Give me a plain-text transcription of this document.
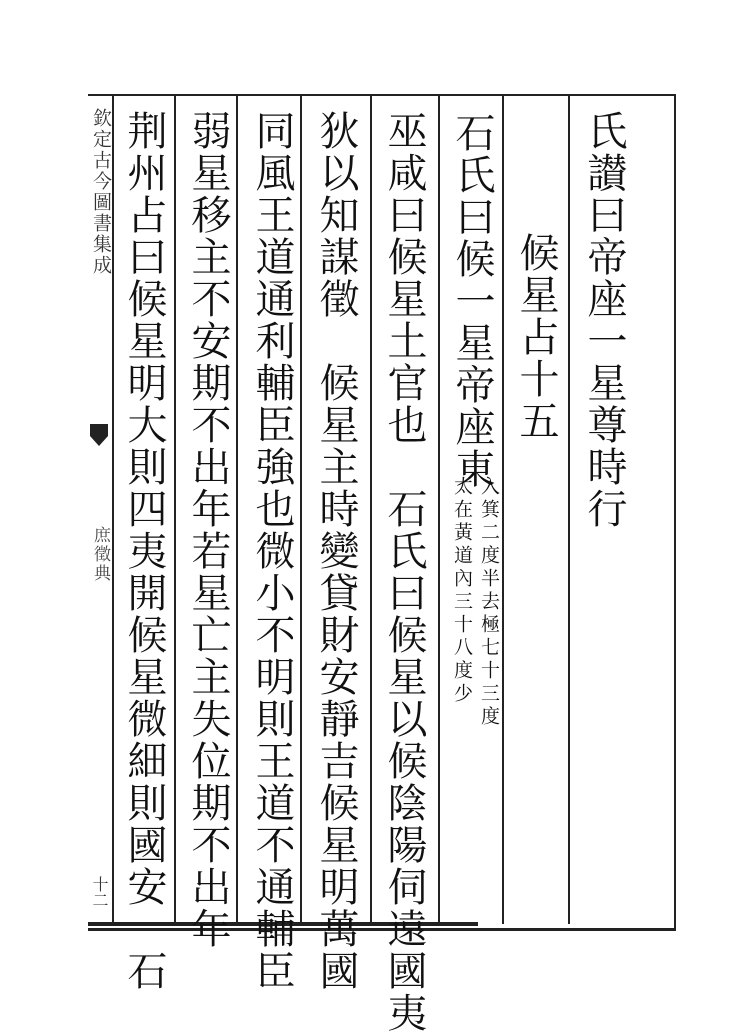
欽定古今圖書集成
庶徵典
十二
氏讃曰帝座一星尊時行
候星占十五
石氏曰候一星帝座東
入箕二度半去極七十三度
太在黃道內三十八度少
巫咸曰候星土官也　石氏曰候星以候陰陽伺遠國夷
狄以知謀徵　候星主時變貸財安靜吉候星明萬國
同風王道通利輔臣強也微小不明則王道不通輔臣
弱星移主不安期不出年若星亡主失位期不出年
荆州占曰候星明大則四夷開候星微細則國安　石
